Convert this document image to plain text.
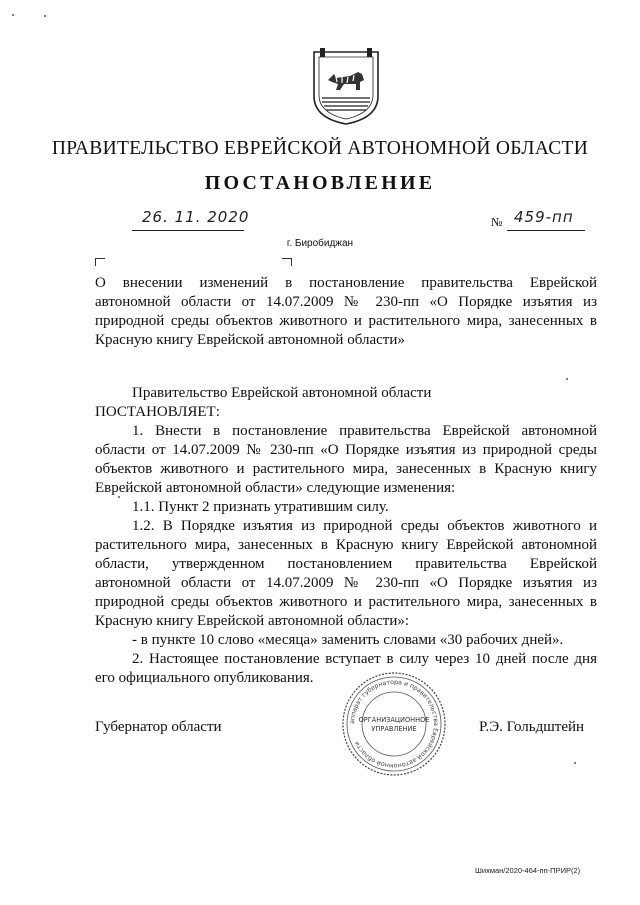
ПРАВИТЕЛЬСТВО ЕВРЕЙСКОЙ АВТОНОМНОЙ ОБЛАСТИ
ПОСТАНОВЛЕНИЕ
26. 11. 2020	№ 459-пп
г. Биробиджан
О внесении изменений в постановление правительства Еврейской
автономной области от 14.07.2009 № 230-пп «О Порядке изъятия из
природной среды объектов животного и растительного мира, занесенных в
Красную книгу Еврейской автономной области»
Правительство Еврейской автономной области
ПОСТАНОВЛЯЕТ:
1. Внести в постановление правительства Еврейской автономной
области от 14.07.2009 № 230-пп «О Порядке изъятия из природной среды
объектов животного и растительного мира, занесенных в Красную книгу
Еврейской автономной области» следующие изменения:
1.1. Пункт 2 признать утратившим силу.
1.2. В Порядке изъятия из природной среды объектов животного и
растительного мира, занесенных в Красную книгу Еврейской автономной
области, утвержденном постановлением правительства Еврейской
автономной области от 14.07.2009 № 230-пп «О Порядке изъятия из
природной среды объектов животного и растительного мира, занесенных в
Красную книгу Еврейской автономной области»:
- в пункте 10 слово «месяца» заменить словами «30 рабочих дней».
2. Настоящее постановление вступает в силу через 10 дней после дня
его официального опубликования.
Губернатор области	Р.Э. Гольдштейн
аппарат губернатора и правительства Еврейской автономной области
ОРГАНИЗАЦИОННОЕ
УПРАВЛЕНИЕ
Шихман/2020-464-пп-ПРИР(2)
